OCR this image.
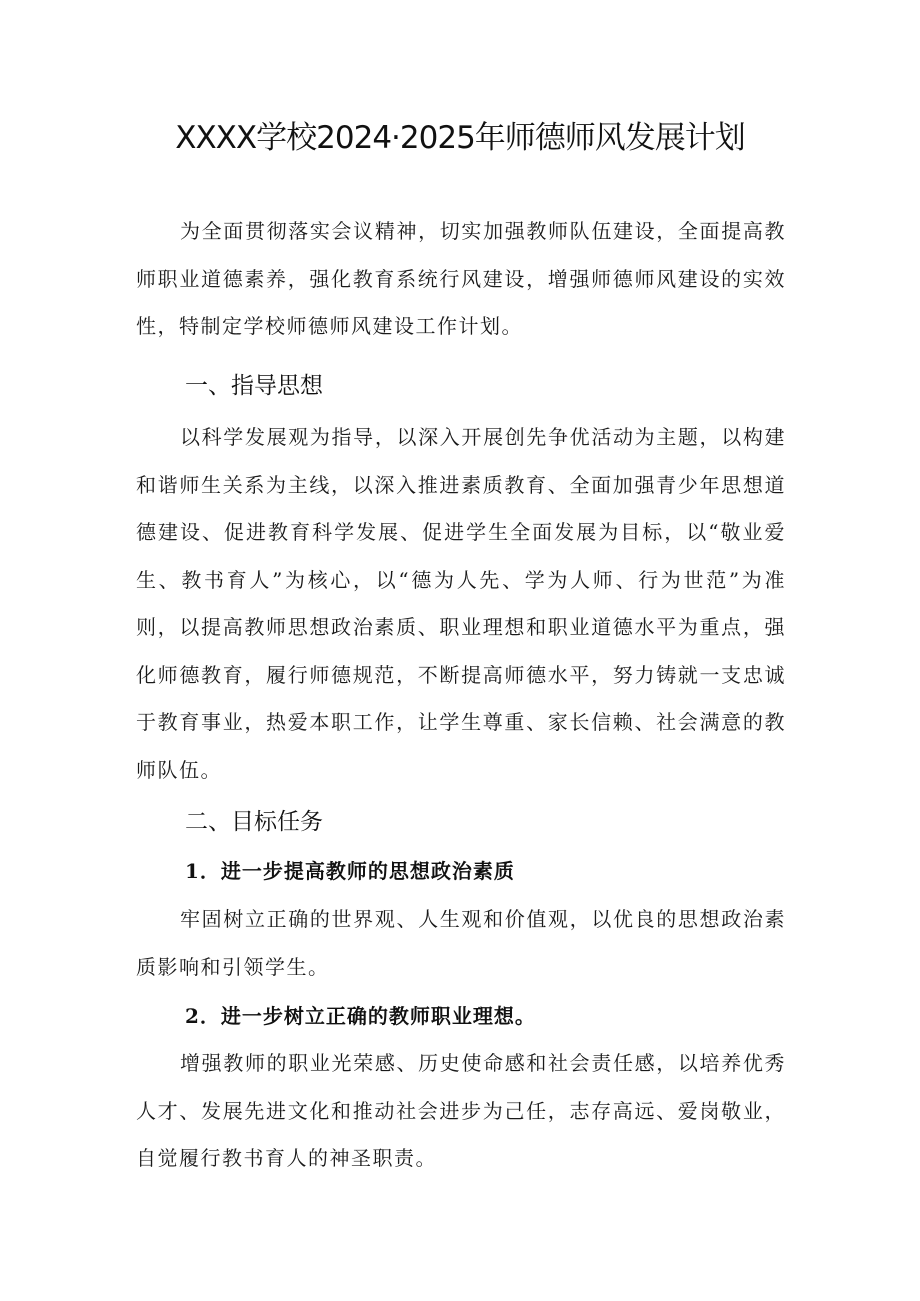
XXXX学校2024·2025年师德师风发展计划

为全面贯彻落实会议精神，切实加强教师队伍建设，全面提高教师职业道德素养，强化教育系统行风建设，增强师德师风建设的实效性，特制定学校师德师风建设工作计划。

一、指导思想

以科学发展观为指导，以深入开展创先争优活动为主题，以构建和谐师生关系为主线，以深入推进素质教育、全面加强青少年思想道德建设、促进教育科学发展、促进学生全面发展为目标，以“敬业爱生、教书育人”为核心，以“德为人先、学为人师、行为世范”为准则，以提高教师思想政治素质、职业理想和职业道德水平为重点，强化师德教育，履行师德规范，不断提高师德水平，努力铸就一支忠诚于教育事业，热爱本职工作，让学生尊重、家长信赖、社会满意的教师队伍。

二、目标任务
1．进一步提高教师的思想政治素质

牢固树立正确的世界观、人生观和价值观，以优良的思想政治素质影响和引领学生。

2．进一步树立正确的教师职业理想。

增强教师的职业光荣感、历史使命感和社会责任感，以培养优秀人才、发展先进文化和推动社会进步为己任，志存高远、爱岗敬业，自觉履行教书育人的神圣职责。
